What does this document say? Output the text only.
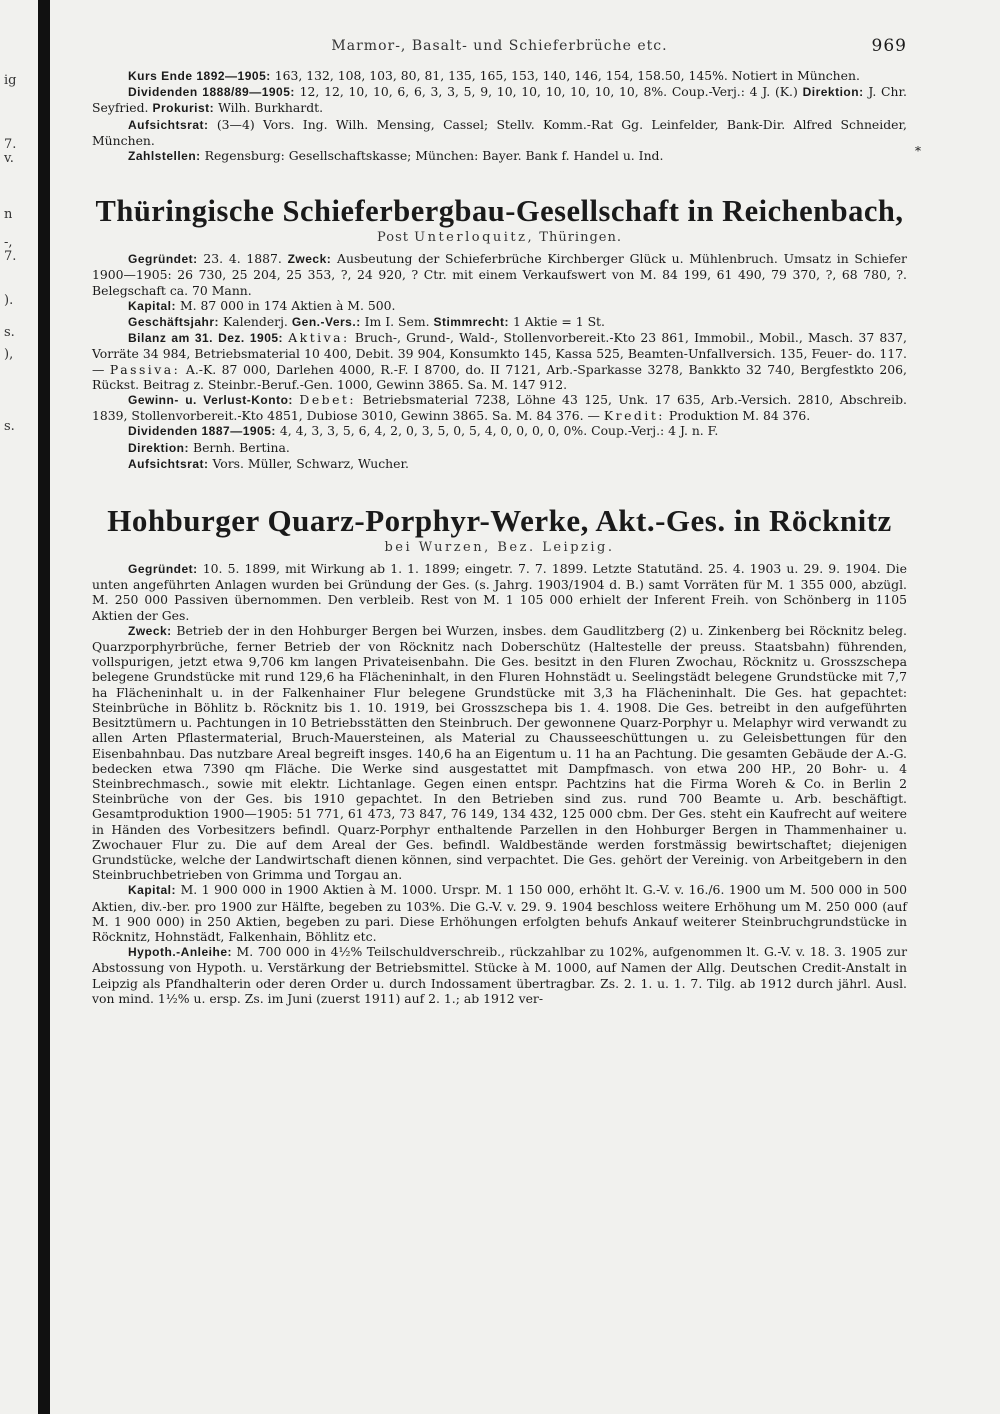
ig
7.
v.
n
-,
7.
).
s.
),
s.
Marmor-, Basalt- und Schieferbrüche etc.	969

Kurs Ende 1892—1905: 163, 132, 108, 103, 80, 81, 135, 165, 153, 140, 146, 154, 158.50, 145%. Notiert in München.

Dividenden 1888/89—1905: 12, 12, 10, 10, 6, 6, 3, 3, 5, 9, 10, 10, 10, 10, 10, 10, 8%. Coup.-Verj.: 4 J. (K.) Direktion: J. Chr. Seyfried. Prokurist: Wilh. Burkhardt.

Aufsichtsrat: (3—4) Vors. Ing. Wilh. Mensing, Cassel; Stellv. Komm.-Rat Gg. Leinfelder, Bank-Dir. Alfred Schneider, München.

Zahlstellen: Regensburg: Gesellschaftskasse; München: Bayer. Bank f. Handel u. Ind.	*
Thüringische Schieferbergbau-Gesellschaft in Reichenbach,
Post Unterloquitz, Thüringen.

Gegründet: 23. 4. 1887. Zweck: Ausbeutung der Schieferbrüche Kirchberger Glück u. Mühlenbruch. Umsatz in Schiefer 1900—1905: 26 730, 25 204, 25 353, ?, 24 920, ? Ctr. mit einem Verkaufswert von M. 84 199, 61 490, 79 370, ?, 68 780, ?. Belegschaft ca. 70 Mann.

Kapital: M. 87 000 in 174 Aktien à M. 500.

Geschäftsjahr: Kalenderj. Gen.-Vers.: Im I. Sem. Stimmrecht: 1 Aktie = 1 St.

Bilanz am 31. Dez. 1905: Aktiva: Bruch-, Grund-, Wald-, Stollenvorbereit.-Kto 23 861, Immobil., Mobil., Masch. 37 837, Vorräte 34 984, Betriebsmaterial 10 400, Debit. 39 904, Konsumkto 145, Kassa 525, Beamten-Unfallversich. 135, Feuer- do. 117. — Passiva: A.-K. 87 000, Darlehen 4000, R.-F. I 8700, do. II 7121, Arb.-Sparkasse 3278, Bankkto 32 740, Bergfestkto 206, Rückst. Beitrag z. Steinbr.-Beruf.-Gen. 1000, Gewinn 3865. Sa. M. 147 912.

Gewinn- u. Verlust-Konto: Debet: Betriebsmaterial 7238, Löhne 43 125, Unk. 17 635, Arb.-Versich. 2810, Abschreib. 1839, Stollenvorbereit.-Kto 4851, Dubiose 3010, Gewinn 3865. Sa. M. 84 376. — Kredit: Produktion M. 84 376.

Dividenden 1887—1905: 4, 4, 3, 3, 5, 6, 4, 2, 0, 3, 5, 0, 5, 4, 0, 0, 0, 0, 0%. Coup.-Verj.: 4 J. n. F.

Direktion: Bernh. Bertina.

Aufsichtsrat: Vors. Müller, Schwarz, Wucher.

Hohburger Quarz-Porphyr-Werke, Akt.-Ges. in Röcknitz
bei Wurzen, Bez. Leipzig.

Gegründet: 10. 5. 1899, mit Wirkung ab 1. 1. 1899; eingetr. 7. 7. 1899. Letzte Statutänd. 25. 4. 1903 u. 29. 9. 1904. Die unten angeführten Anlagen wurden bei Gründung der Ges. (s. Jahrg. 1903/1904 d. B.) samt Vorräten für M. 1 355 000, abzügl. M. 250 000 Passiven übernommen. Den verbleib. Rest von M. 1 105 000 erhielt der Inferent Freih. von Schönberg in 1105 Aktien der Ges.

Zweck: Betrieb der in den Hohburger Bergen bei Wurzen, insbes. dem Gaudlitzberg (2) u. Zinkenberg bei Röcknitz beleg. Quarzporphyrbrüche, ferner Betrieb der von Röcknitz nach Doberschütz (Haltestelle der preuss. Staatsbahn) führenden, vollspurigen, jetzt etwa 9,706 km langen Privateisenbahn. Die Ges. besitzt in den Fluren Zwochau, Röcknitz u. Grosszschepa belegene Grundstücke mit rund 129,6 ha Flächeninhalt, in den Fluren Hohnstädt u. Seelingstädt belegene Grundstücke mit 7,7 ha Flächeninhalt u. in der Falkenhainer Flur belegene Grundstücke mit 3,3 ha Flächeninhalt. Die Ges. hat gepachtet: Steinbrüche in Böhlitz b. Röcknitz bis 1. 10. 1919, bei Grosszschepa bis 1. 4. 1908. Die Ges. betreibt in den aufgeführten Besitztümern u. Pachtungen in 10 Betriebsstätten den Steinbruch. Der gewonnene Quarz-Porphyr u. Melaphyr wird verwandt zu allen Arten Pflastermaterial, Bruch-Mauersteinen, als Material zu Chausseeschüttungen u. zu Geleisbettungen für den Eisenbahnbau. Das nutzbare Areal begreift insges. 140,6 ha an Eigentum u. 11 ha an Pachtung. Die gesamten Gebäude der A.-G. bedecken etwa 7390 qm Fläche. Die Werke sind ausgestattet mit Dampfmasch. von etwa 200 HP., 20 Bohr- u. 4 Steinbrechmasch., sowie mit elektr. Lichtanlage. Gegen einen entspr. Pachtzins hat die Firma Woreh & Co. in Berlin 2 Steinbrüche von der Ges. bis 1910 gepachtet. In den Betrieben sind zus. rund 700 Beamte u. Arb. beschäftigt. Gesamtproduktion 1900—1905: 51 771, 61 473, 73 847, 76 149, 134 432, 125 000 cbm. Der Ges. steht ein Kaufrecht auf weitere in Händen des Vorbesitzers befindl. Quarz-Porphyr enthaltende Parzellen in den Hohburger Bergen in Thammenhainer u. Zwochauer Flur zu. Die auf dem Areal der Ges. befindl. Waldbestände werden forstmässig bewirtschaftet; diejenigen Grundstücke, welche der Landwirtschaft dienen können, sind verpachtet. Die Ges. gehört der Vereinig. von Arbeitgebern in den Steinbruchbetrieben von Grimma und Torgau an.

Kapital: M. 1 900 000 in 1900 Aktien à M. 1000. Urspr. M. 1 150 000, erhöht lt. G.-V. v. 16./6. 1900 um M. 500 000 in 500 Aktien, div.-ber. pro 1900 zur Hälfte, begeben zu 103%. Die G.-V. v. 29. 9. 1904 beschloss weitere Erhöhung um M. 250 000 (auf M. 1 900 000) in 250 Aktien, begeben zu pari. Diese Erhöhungen erfolgten behufs Ankauf weiterer Steinbruchgrundstücke in Röcknitz, Hohnstädt, Falkenhain, Böhlitz etc.

Hypoth.-Anleihe: M. 700 000 in 4½% Teilschuldverschreib., rückzahlbar zu 102%, aufgenommen lt. G.-V. v. 18. 3. 1905 zur Abstossung von Hypoth. u. Verstärkung der Betriebsmittel. Stücke à M. 1000, auf Namen der Allg. Deutschen Credit-Anstalt in Leipzig als Pfandhalterin oder deren Order u. durch Indossament übertragbar. Zs. 2. 1. u. 1. 7. Tilg. ab 1912 durch jährl. Ausl. von mind. 1½% u. ersp. Zs. im Juni (zuerst 1911) auf 2. 1.; ab 1912 ver-
